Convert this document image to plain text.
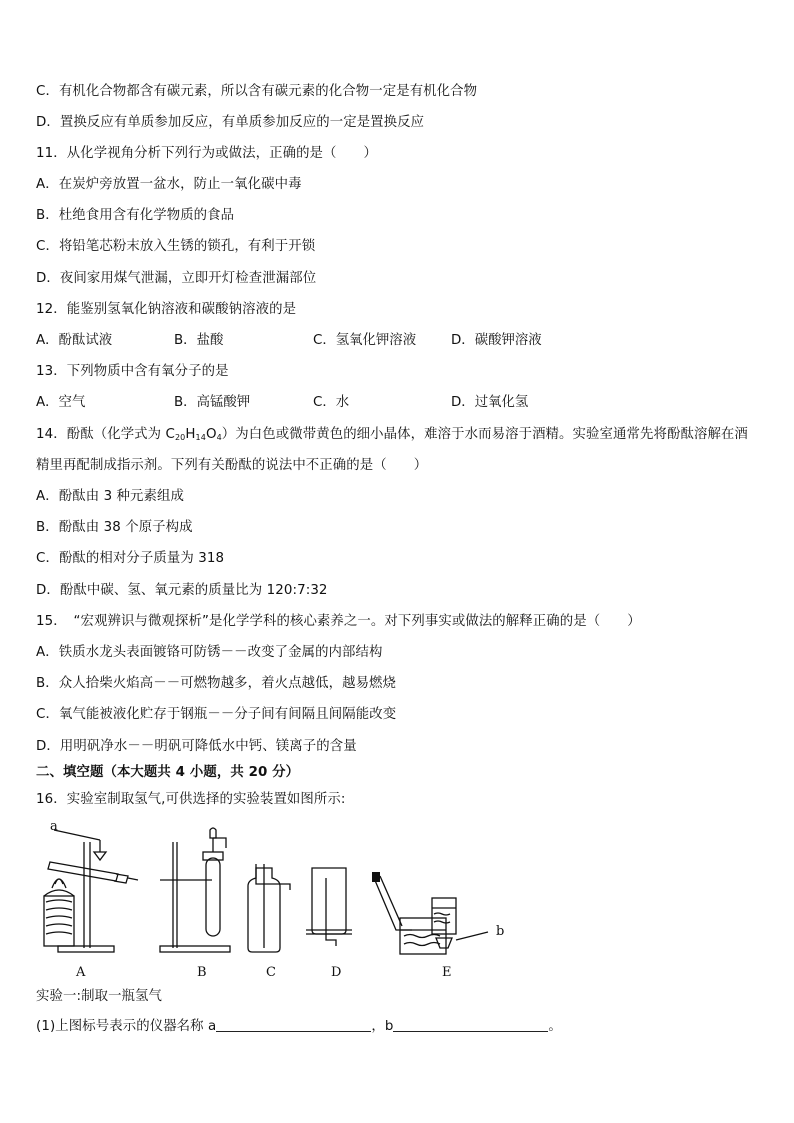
C．有机化合物都含有碳元素，所以含有碳元素的化合物一定是有机化合物
D．置换反应有单质参加反应，有单质参加反应的一定是置换反应
11．从化学视角分析下列行为或做法，正确的是（　　）
A．在炭炉旁放置一盆水，防止一氧化碳中毒
B．杜绝食用含有化学物质的食品
C．将铅笔芯粉末放入生锈的锁孔，有利于开锁
D．夜间家用煤气泄漏，立即开灯检查泄漏部位
12．能鉴别氢氧化钠溶液和碳酸钠溶液的是
A．酚酞试液	B．盐酸	C．氢氧化钾溶液	D．碳酸钾溶液
13．下列物质中含有氧分子的是
A．空气	B．高锰酸钾	C．水	D．过氧化氢
14．酚酞（化学式为 $C_{20}H_{14}O_4$）为白色或微带黄色的细小晶体，难溶于水而易溶于酒精。实验室通常先将酚酞溶解在酒
精里再配制成指示剂。下列有关酚酞的说法中不正确的是（　　）
A．酚酞由 3 种元素组成
B．酚酞由 38 个原子构成
C．酚酞的相对分子质量为 318
D．酚酞中碳、氢、氧元素的质量比为 120:7:32
15．　“宏观辨识与微观探析”是化学学科的核心素养之一。对下列事实或做法的解释正确的是（　　）
A．铁质水龙头表面镀铬可防锈－－改变了金属的内部结构
B．众人拾柴火焰高－－可燃物越多，着火点越低，越易燃烧
C．氧气能被液化贮存于钢瓶－－分子间有间隔且间隔能改变
D．用明矾净水－－明矾可降低水中钙、镁离子的含量
二、填空题（本大题共 4 小题，共 20 分）
16．实验室制取氢气,可供选择的实验装置如图所示:
a
b
A	B	C	D	E
实验一:制取一瓶氢气
(1)上图标号表示的仪器名称 a	，b	。
